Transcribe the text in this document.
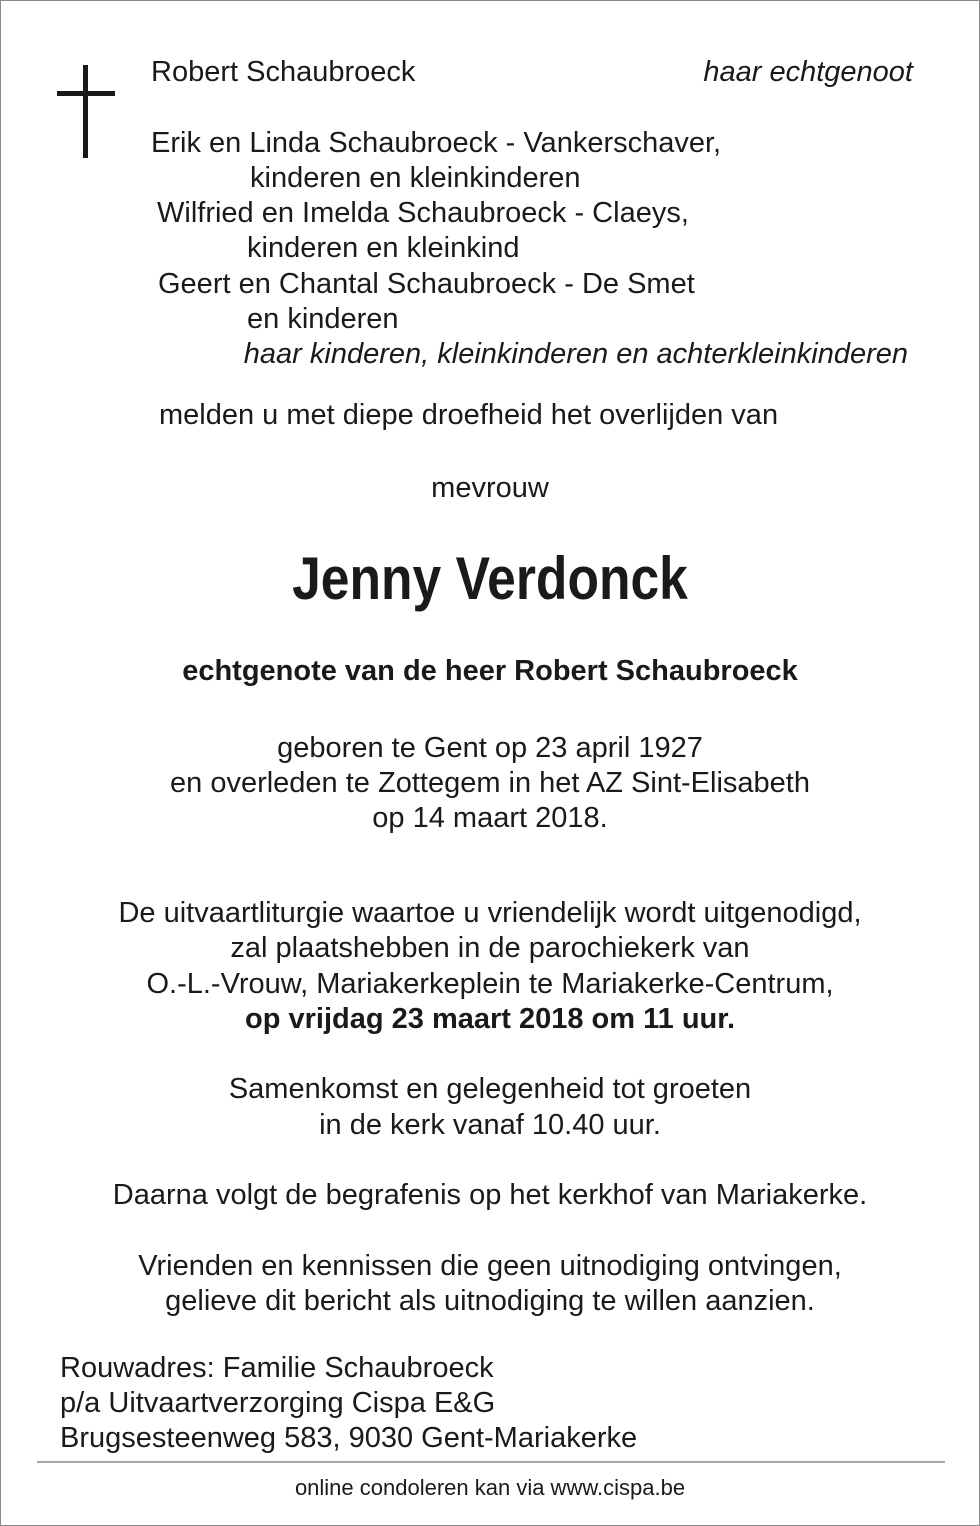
Robert Schaubroeck	haar echtgenoot
Erik en Linda Schaubroeck - Vankerschaver,
kinderen en kleinkinderen
Wilfried en Imelda Schaubroeck - Claeys,
kinderen en kleinkind
Geert en Chantal Schaubroeck - De Smet
en kinderen
haar kinderen, kleinkinderen en achterkleinkinderen
melden u met diepe droefheid het overlijden van
mevrouw
Jenny Verdonck
echtgenote van de heer Robert Schaubroeck
geboren te Gent op 23 april 1927
en overleden te Zottegem in het AZ Sint-Elisabeth
op 14 maart 2018.
De uitvaartliturgie waartoe u vriendelijk wordt uitgenodigd,
zal plaatshebben in de parochiekerk van
O.-L.-Vrouw, Mariakerkeplein te Mariakerke-Centrum,
op vrijdag 23 maart 2018 om 11 uur.
Samenkomst en gelegenheid tot groeten
in de kerk vanaf 10.40 uur.
Daarna volgt de begrafenis op het kerkhof van Mariakerke.
Vrienden en kennissen die geen uitnodiging ontvingen,
gelieve dit bericht als uitnodiging te willen aanzien.
Rouwadres: Familie Schaubroeck
p/a Uitvaartverzorging Cispa E&G
Brugsesteenweg 583, 9030 Gent-Mariakerke
online condoleren kan via www.cispa.be
